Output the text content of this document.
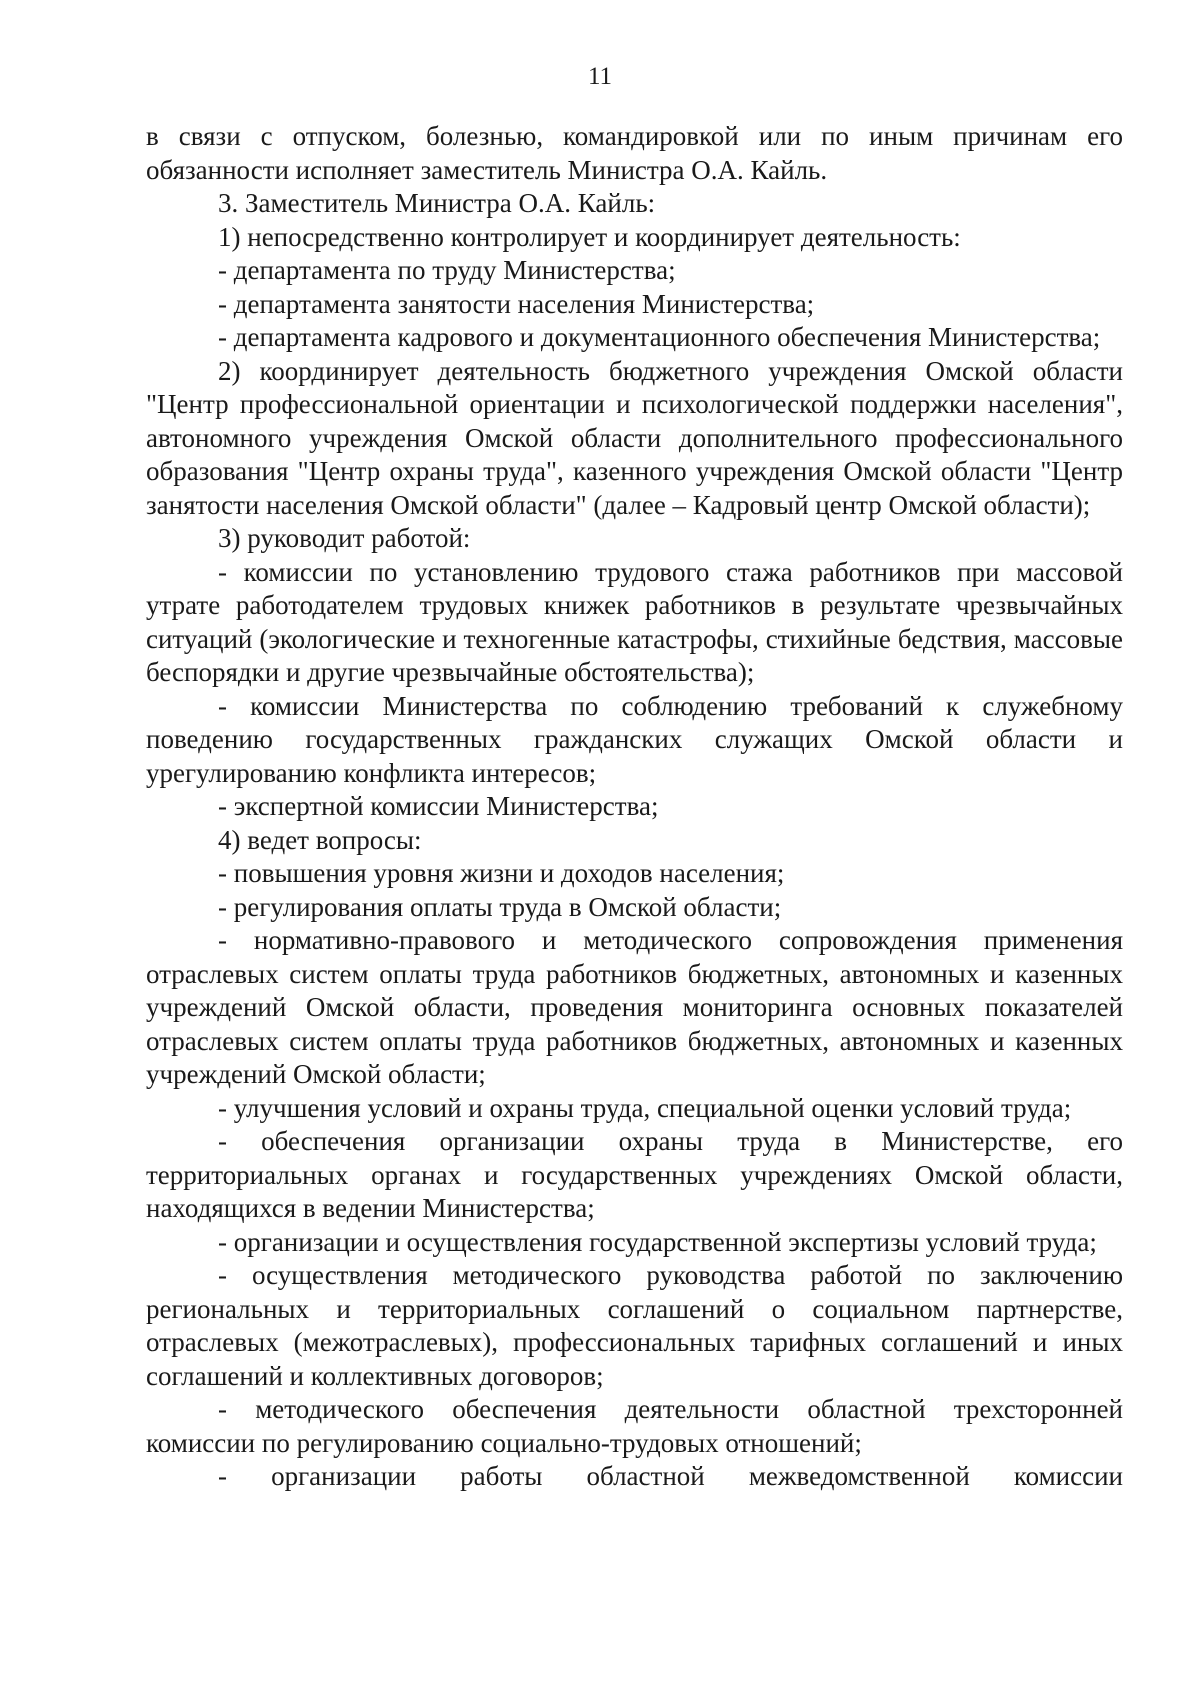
11

в связи с отпуском, болезнью, командировкой или по иным причинам его обязанности исполняет заместитель Министра О.А. Кайль.

3. Заместитель Министра О.А. Кайль:

1) непосредственно контролирует и координирует деятельность:

- департамента по труду Министерства;

- департамента занятости населения Министерства;

- департамента кадрового и документационного обеспечения Министерства;

2) координирует деятельность бюджетного учреждения Омской области "Центр профессиональной ориентации и психологической поддержки населения", автономного учреждения Омской области дополнительного профессионального образования "Центр охраны труда", казенного учреждения Омской области "Центр занятости населения Омской области" (далее – Кадровый центр Омской области);

3) руководит работой:

- комиссии по установлению трудового стажа работников при массовой утрате работодателем трудовых книжек работников в результате чрезвычайных ситуаций (экологические и техногенные катастрофы, стихийные бедствия, массовые беспорядки и другие чрезвычайные обстоятельства);

- комиссии Министерства по соблюдению требований к служебному поведению государственных гражданских служащих Омской области и урегулированию конфликта интересов;

- экспертной комиссии Министерства;

4) ведет вопросы:

- повышения уровня жизни и доходов населения;

- регулирования оплаты труда в Омской области;

- нормативно-правового и методического сопровождения применения отраслевых систем оплаты труда работников бюджетных, автономных и казенных учреждений Омской области, проведения мониторинга основных показателей отраслевых систем оплаты труда работников бюджетных, автономных и казенных учреждений Омской области;

- улучшения условий и охраны труда, специальной оценки условий труда;

- обеспечения организации охраны труда в Министерстве, его территориальных органах и государственных учреждениях Омской области, находящихся в ведении Министерства;

- организации и осуществления государственной экспертизы условий труда;

- осуществления методического руководства работой по заключению региональных и территориальных соглашений о социальном партнерстве, отраслевых (межотраслевых), профессиональных тарифных соглашений и иных соглашений и коллективных договоров;

- методического обеспечения деятельности областной трехсторонней комиссии по регулированию социально-трудовых отношений;

- организации работы областной межведомственной комиссии
